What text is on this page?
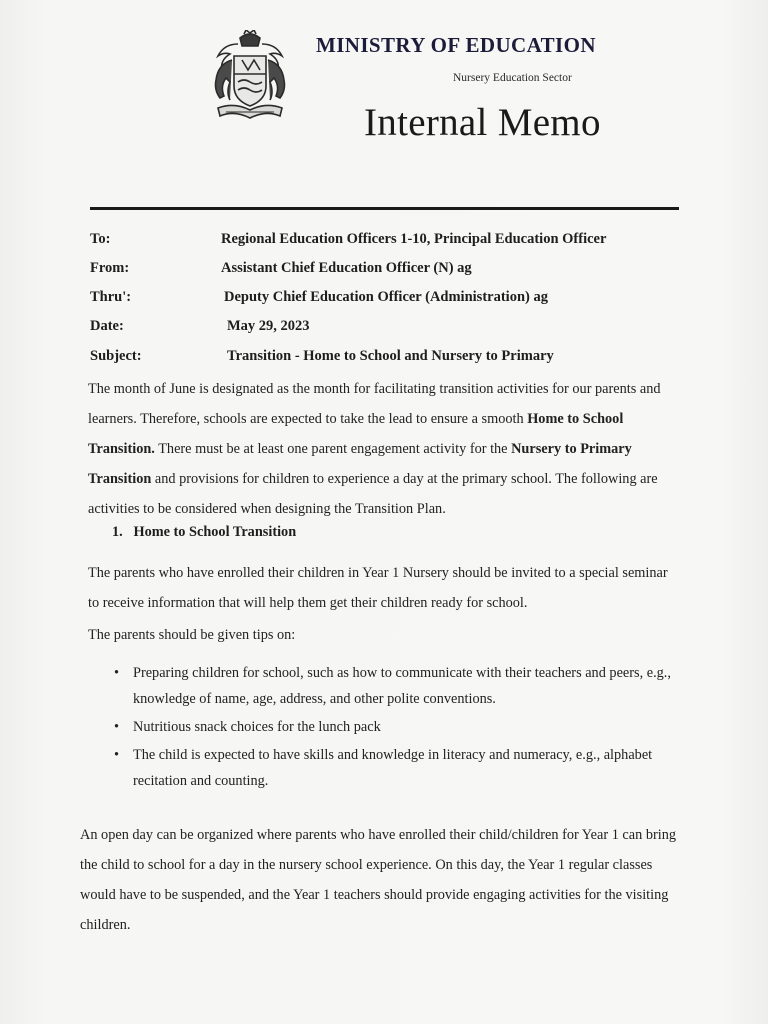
MINISTRY OF EDUCATION
Nursery Education Sector
Internal Memo
To:	Regional Education Officers 1-10, Principal Education Officer
From:	Assistant Chief Education Officer (N) ag
Thru':	Deputy Chief Education Officer (Administration) ag
Date:	May 29, 2023
Subject:	Transition - Home to School and Nursery to Primary
The month of June is designated as the month for facilitating transition activities for our parents and learners. Therefore, schools are expected to take the lead to ensure a smooth Home to School Transition. There must be at least one parent engagement activity for the Nursery to Primary Transition and provisions for children to experience a day at the primary school. The following are activities to be considered when designing the Transition Plan.
1.   Home to School Transition
The parents who have enrolled their children in Year 1 Nursery should be invited to a special seminar to receive information that will help them get their children ready for school.
The parents should be given tips on:
• Preparing children for school, such as how to communicate with their teachers and peers, e.g., knowledge of name, age, address, and other polite conventions.
• Nutritious snack choices for the lunch pack
• The child is expected to have skills and knowledge in literacy and numeracy, e.g., alphabet recitation and counting.
An open day can be organized where parents who have enrolled their child/children for Year 1 can bring the child to school for a day in the nursery school experience. On this day, the Year 1 regular classes would have to be suspended, and the Year 1 teachers should provide engaging activities for the visiting children.
